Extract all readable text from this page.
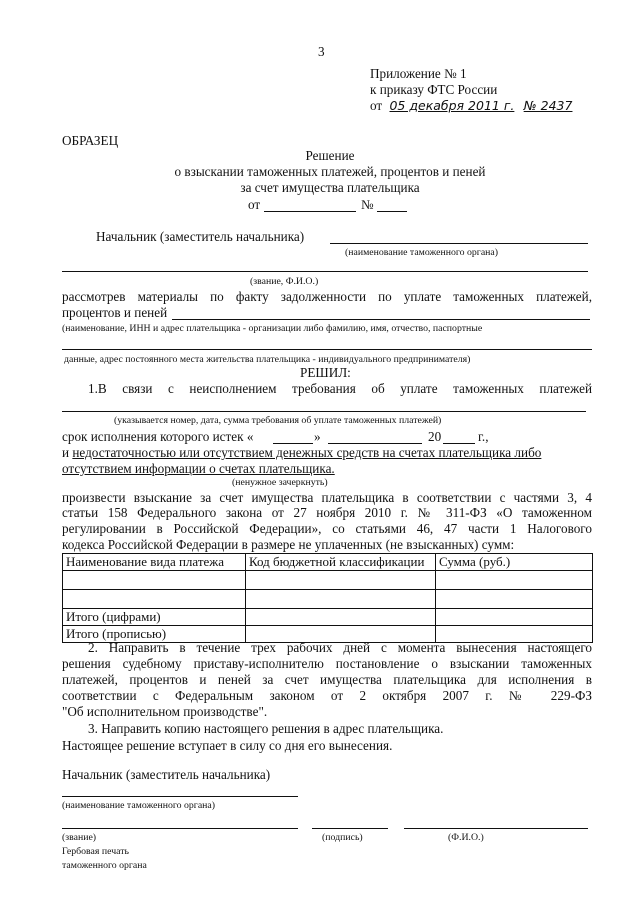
3
Приложение № 1
к приказу ФТС России
от 05 декабря 2011 г. № 2437
ОБРАЗЕЦ
Решение
о взыскании таможенных платежей, процентов и пеней
за счет имущества плательщика
от	№
Начальник (заместитель начальника)
(наименование таможенного органа)
(звание, Ф.И.О.)
рассмотрев материалы по факту задолженности по уплате таможенных платежей,
процентов и пеней
(наименование, ИНН и адрес плательщика - организации либо фамилию, имя, отчество, паспортные
данные, адрес постоянного места жительства плательщика - индивидуального предпринимателя)
РЕШИЛ:
1.В связи с неисполнением требования об уплате таможенных платежей
(указывается номер, дата, сумма требования об уплате таможенных платежей)
срок исполнения которого истек «	»	20	г.,
и недостаточностью или отсутствием денежных средств на счетах плательщика либо
отсутствием информации о счетах плательщика.
(ненужное зачеркнуть)
произвести взыскание за счет имущества плательщика в соответствии с частями 3, 4
статьи 158 Федерального закона от 27 ноября 2010 г. № 311-ФЗ «О таможенном
регулировании в Российской Федерации», со статьями 46, 47 части 1 Налогового
кодекса Российской Федерации в размере не уплаченных (не взысканных) сумм:
Наименование вида платежа	Код бюджетной классификации	Сумма (руб.)

Итого (цифрами)		
Итого (прописью)		
2. Направить в течение трех рабочих дней с момента вынесения настоящего
решения судебному приставу-исполнителю постановление о взыскании таможенных
платежей, процентов и пеней за счет имущества плательщика для исполнения в
соответствии с Федеральным законом от 2 октября 2007 г. № 229-ФЗ
"Об исполнительном производстве".
3. Направить копию настоящего решения в адрес плательщика.
Настоящее решение вступает в силу со дня его вынесения.
Начальник (заместитель начальника)
(наименование таможенного органа)
(звание)	(подпись)	(Ф.И.О.)
Гербовая печать
таможенного органа
